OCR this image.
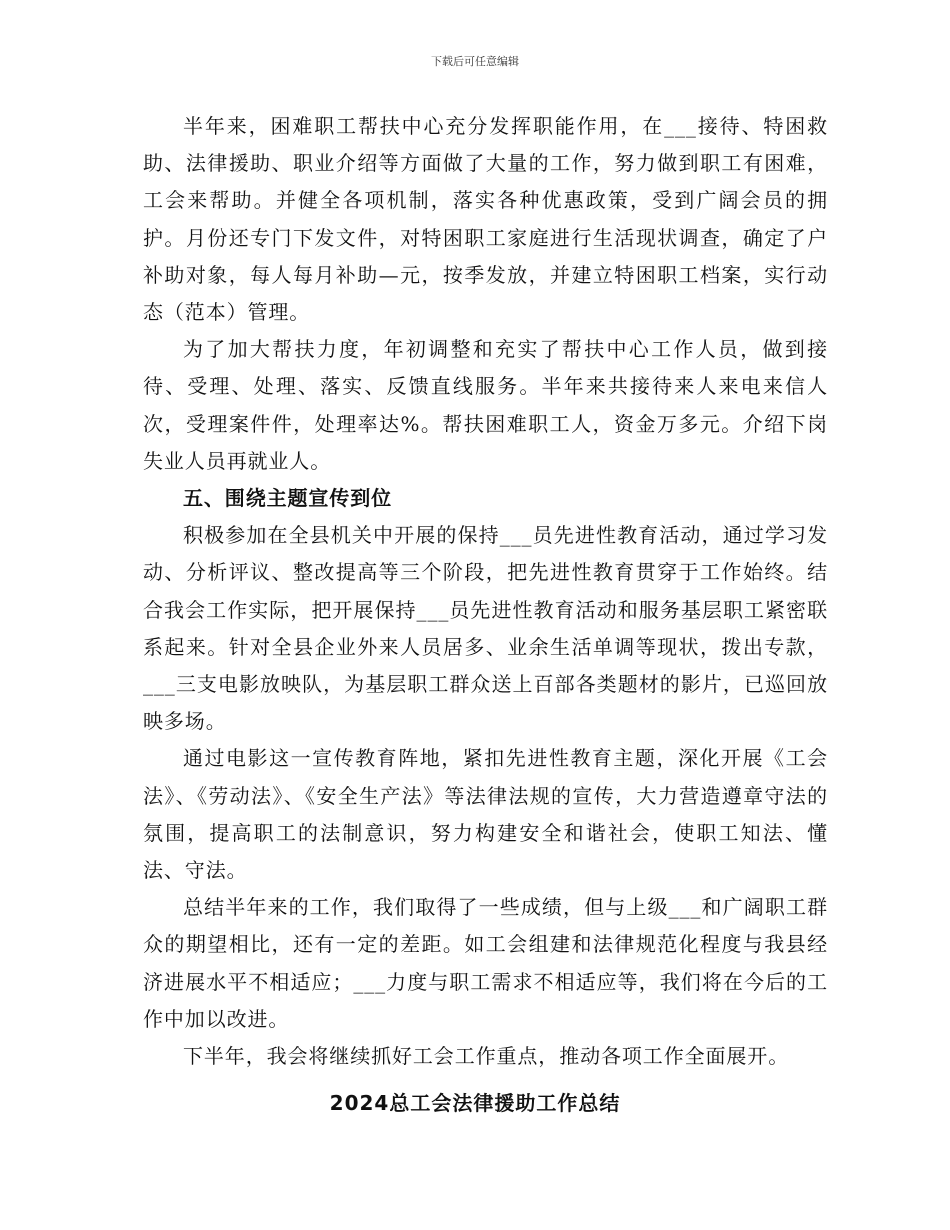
下载后可任意编辑

半年来，困难职工帮扶中心充分发挥职能作用，在___接待、特困救助、法律援助、职业介绍等方面做了大量的工作，努力做到职工有困难，工会来帮助。并健全各项机制，落实各种优惠政策，受到广阔会员的拥护。月份还专门下发文件，对特困职工家庭进行生活现状调查，确定了户补助对象，每人每月补助—元，按季发放，并建立特困职工档案，实行动态（范本）管理。

为了加大帮扶力度，年初调整和充实了帮扶中心工作人员，做到接待、受理、处理、落实、反馈直线服务。半年来共接待来人来电来信人次，受理案件件，处理率达%。帮扶困难职工人，资金万多元。介绍下岗失业人员再就业人。

五、围绕主题宣传到位

积极参加在全县机关中开展的保持___员先进性教育活动，通过学习发动、分析评议、整改提高等三个阶段，把先进性教育贯穿于工作始终。结合我会工作实际，把开展保持___员先进性教育活动和服务基层职工紧密联系起来。针对全县企业外来人员居多、业余生活单调等现状，拨出专款，___三支电影放映队，为基层职工群众送上百部各类题材的影片，已巡回放映多场。

通过电影这一宣传教育阵地，紧扣先进性教育主题，深化开展《工会法》、《劳动法》、《安全生产法》等法律法规的宣传，大力营造遵章守法的氛围，提高职工的法制意识，努力构建安全和谐社会，使职工知法、懂法、守法。

总结半年来的工作，我们取得了一些成绩，但与上级___和广阔职工群众的期望相比，还有一定的差距。如工会组建和法律规范化程度与我县经济进展水平不相适应；___力度与职工需求不相适应等，我们将在今后的工作中加以改进。

下半年，我会将继续抓好工会工作重点，推动各项工作全面展开。

2024总工会法律援助工作总结
